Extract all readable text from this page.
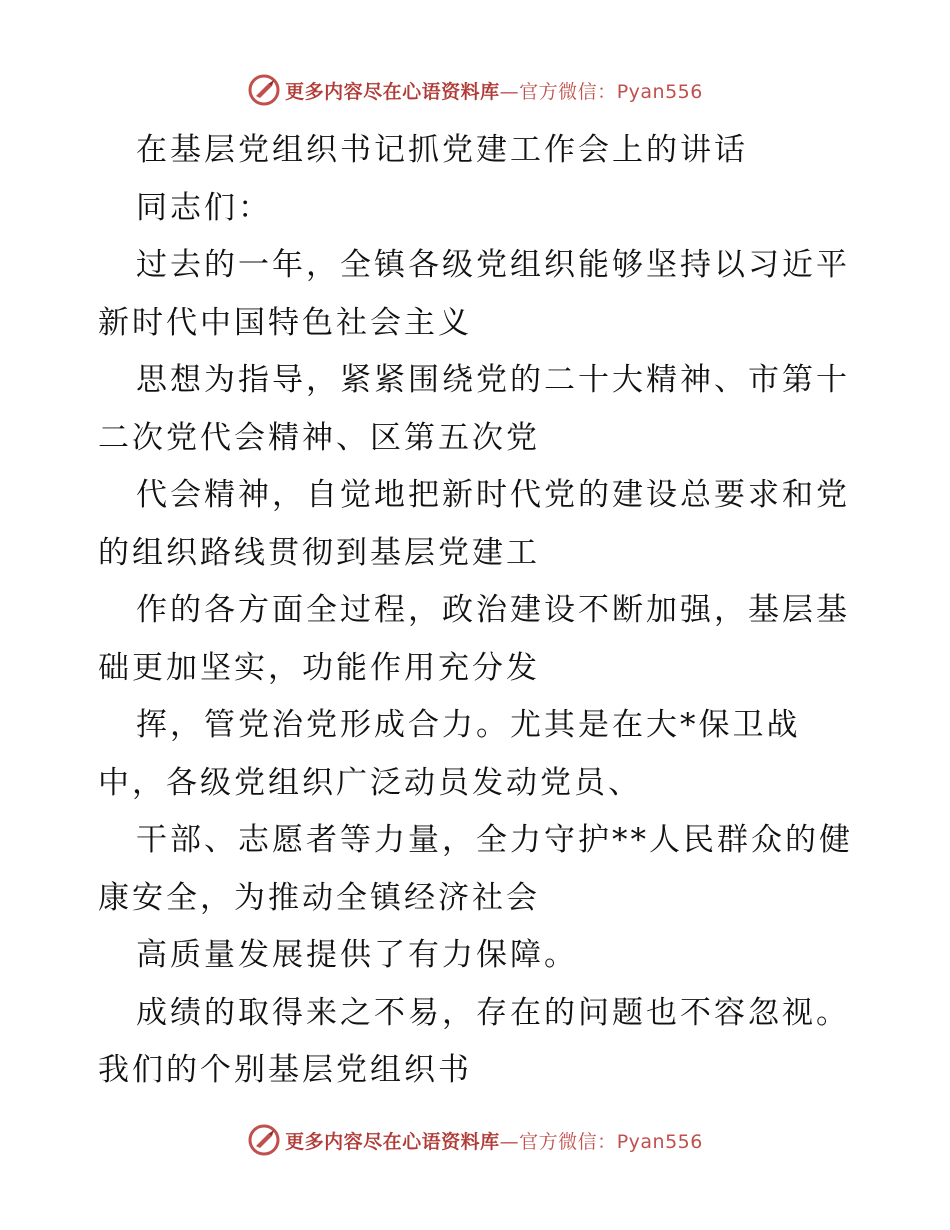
更多内容尽在心语资料库—官方微信：Pyan556
在基层党组织书记抓党建工作会上的讲话
同志们：
过去的一年，全镇各级党组织能够坚持以习近平
新时代中国特色社会主义
思想为指导，紧紧围绕党的二十大精神、市第十
二次党代会精神、区第五次党
代会精神，自觉地把新时代党的建设总要求和党
的组织路线贯彻到基层党建工
作的各方面全过程，政治建设不断加强，基层基
础更加坚实，功能作用充分发
挥，管党治党形成合力。尤其是在大*保卫战
中，各级党组织广泛动员发动党员、
干部、志愿者等力量，全力守护**人民群众的健
康安全，为推动全镇经济社会
高质量发展提供了有力保障。
成绩的取得来之不易，存在的问题也不容忽视。
我们的个别基层党组织书
更多内容尽在心语资料库—官方微信：Pyan556
